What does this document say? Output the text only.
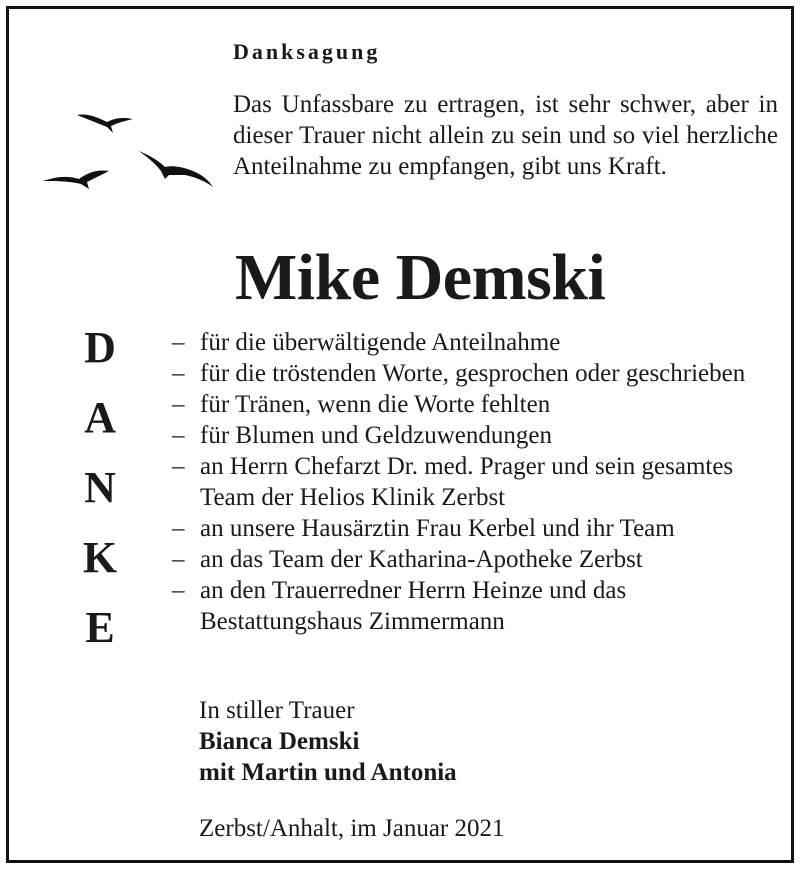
Danksagung
Das Unfassbare zu ertragen, ist sehr schwer, aber in dieser Trauer nicht allein zu sein und so viel herzliche Anteilnahme zu empfangen, gibt uns Kraft.
Mike Demski
D
A
N
K
E
– für die überwältigende Anteilnahme
– für die tröstenden Worte, gesprochen oder geschrieben
– für Tränen, wenn die Worte fehlten
– für Blumen und Geldzuwendungen
– an Herrn Chefarzt Dr. med. Prager und sein gesamtes Team der Helios Klinik Zerbst
– an unsere Hausärztin Frau Kerbel und ihr Team
– an das Team der Katharina-Apotheke Zerbst
– an den Trauerredner Herrn Heinze und das Bestattungshaus Zimmermann
In stiller Trauer
Bianca Demski
mit Martin und Antonia
Zerbst/Anhalt, im Januar 2021
